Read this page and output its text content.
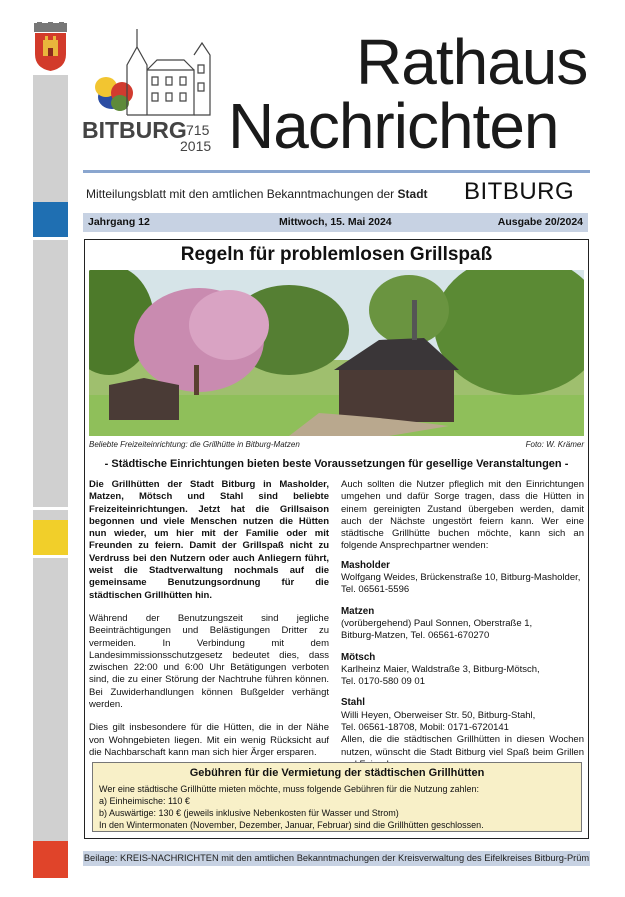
BITBURG 715
2015
Rathaus
Nachrichten
Mitteilungsblatt mit den amtlichen Bekanntmachungen der Stadt BITBURG
Jahrgang 12	Mittwoch, 15. Mai 2024	Ausgabe 20/2024
Regeln für problemlosen Grillspaß
Beliebte Freizeiteinrichtung: die Grillhütte in Bitburg-Matzen	Foto: W. Krämer
- Städtische Einrichtungen bieten beste Voraussetzungen für gesellige Veranstaltungen -

Die Grillhütten der Stadt Bitburg in Masholder, Matzen, Mötsch und Stahl sind beliebte Freizeiteinrichtungen. Jetzt hat die Grillsaison begonnen und viele Menschen nutzen die Hütten nun wieder, um hier mit der Familie oder mit Freunden zu feiern. Damit der Grillspaß nicht zu Verdruss bei den Nutzern oder auch Anliegern führt, weist die Stadtverwaltung nochmals auf die gemeinsame Benutzungsordnung für die städtischen Grillhütten hin.

Während der Benutzungszeit sind jegliche Beeinträchtigungen und Belästigungen Dritter zu vermeiden. In Verbindung mit dem Landesimmissionsschutzgesetz bedeutet dies, dass zwischen 22:00 und 6:00 Uhr Betätigungen verboten sind, die zu einer Störung der Nachtruhe führen können. Bei Zuwiderhandlungen können Bußgelder verhängt werden.

Dies gilt insbesondere für die Hütten, die in der Nähe von Wohngebieten liegen. Mit ein wenig Rücksicht auf die Nachbarschaft kann man sich hier Ärger ersparen.

Auch sollten die Nutzer pfleglich mit den Einrichtungen umgehen und dafür Sorge tragen, dass die Hütten in einem gereinigten Zustand übergeben werden, damit auch der Nächste ungestört feiern kann. Wer eine städtische Grillhütte buchen möchte, kann sich an folgende Ansprechpartner wenden:

Masholder

Wolfgang Weides, Brückenstraße 10, Bitburg-Masholder,
Tel. 06561-5596

Matzen

(vorübergehend) Paul Sonnen, Oberstraße 1,
Bitburg-Matzen, Tel. 06561-670270

Mötsch

Karlheinz Maier, Waldstraße 3, Bitburg-Mötsch,
Tel. 0170-580 09 01

Stahl

Willi Heyen, Oberweiser Str. 50, Bitburg-Stahl,
Tel. 06561-18708, Mobil: 0171-6720141
Allen, die die städtischen Grillhütten in diesen Wochen nutzen, wünscht die Stadt Bitburg viel Spaß beim Grillen

Gebühren für die Vermietung der städtischen Grillhütten
Wer eine städtische Grillhütte mieten möchte, muss folgende Gebühren für die Nutzung zahlen:
a) Einheimische: 110 €
b) Auswärtige: 130 € (jeweils inklusive Nebenkosten für Wasser und Strom)
In den Wintermonaten (November, Dezember, Januar, Februar) sind die Grillhütten geschlossen.
Beilage: KREIS-NACHRICHTEN mit den amtlichen Bekanntmachungen der Kreisverwaltung des Eifelkreises Bitburg-Prüm
